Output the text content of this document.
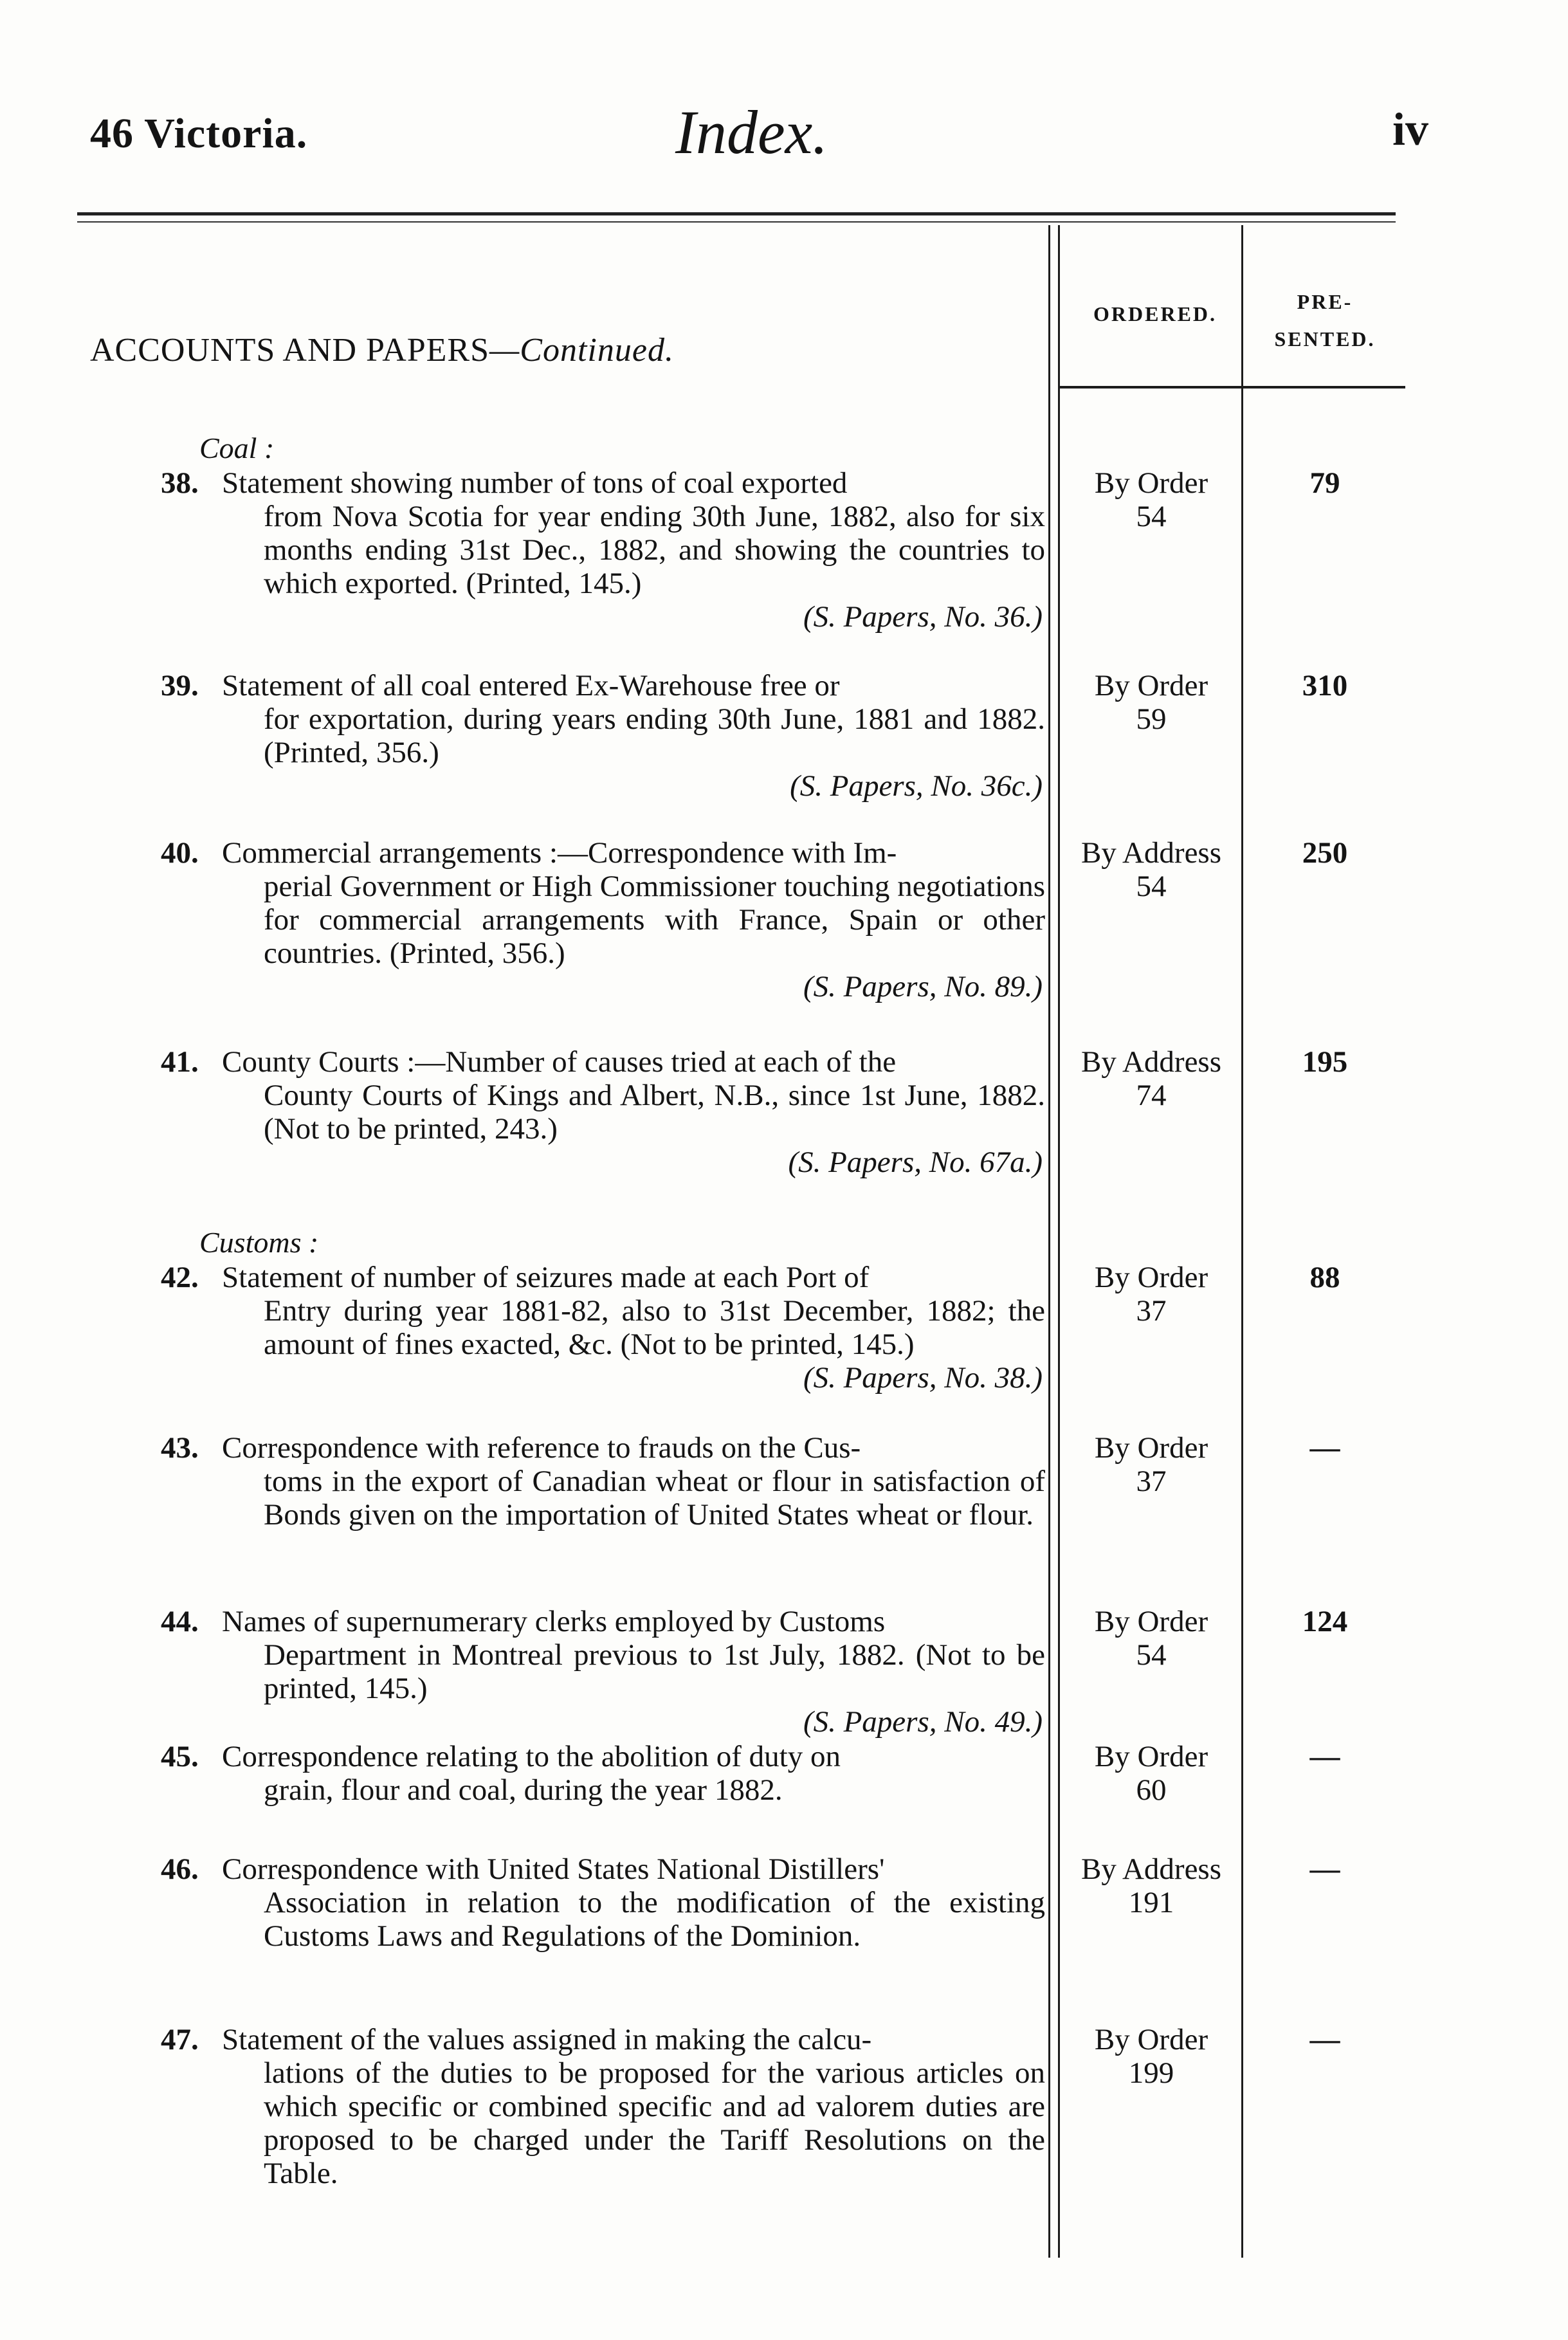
46 Victoria.	Index.	iv
ACCOUNTS AND PAPERS—Continued.
ORDERED.
PRE- SENTED.
Coal :
Customs :
38. Statement showing number of tons of coal exported
from Nova Scotia for year ending 30th June, 1882, also for six months ending 31st Dec., 1882, and showing the countries to which exported. (Printed, 145.)
(S. Papers, No. 36.)
By Order
54
79
39. Statement of all coal entered Ex-Warehouse free or
for exportation, during years ending 30th June, 1881 and 1882. (Printed, 356.)
(S. Papers, No. 36c.)
By Order
59
310
40. Commercial arrangements :—Correspondence with Im-
perial Government or High Commissioner touching negotiations for commercial arrangements with France, Spain or other countries. (Printed, 356.)
(S. Papers, No. 89.)
By Address
54
250
41. County Courts :—Number of causes tried at each of the
County Courts of Kings and Albert, N.B., since 1st June, 1882. (Not to be printed, 243.)
(S. Papers, No. 67a.)
By Address
74
195
42. Statement of number of seizures made at each Port of
Entry during year 1881-82, also to 31st December, 1882; the amount of fines exacted, &c. (Not to be printed, 145.)
(S. Papers, No. 38.)
By Order
37
88
43. Correspondence with reference to frauds on the Cus-
toms in the export of Canadian wheat or flour in satisfaction of Bonds given on the importation of United States wheat or flour.
By Order
37
—
44. Names of supernumerary clerks employed by Customs
Department in Montreal previous to 1st July, 1882. (Not to be printed, 145.)
(S. Papers, No. 49.)
By Order
54
124
45. Correspondence relating to the abolition of duty on
grain, flour and coal, during the year 1882.
By Order
60
—
46. Correspondence with United States National Distillers'
Association in relation to the modification of the existing Customs Laws and Regulations of the Dominion.
By Address
191
—
47. Statement of the values assigned in making the calcu-
lations of the duties to be proposed for the various articles on which specific or combined specific and ad valorem duties are proposed to be charged under the Tariff Resolutions on the Table.
By Order
199
—
